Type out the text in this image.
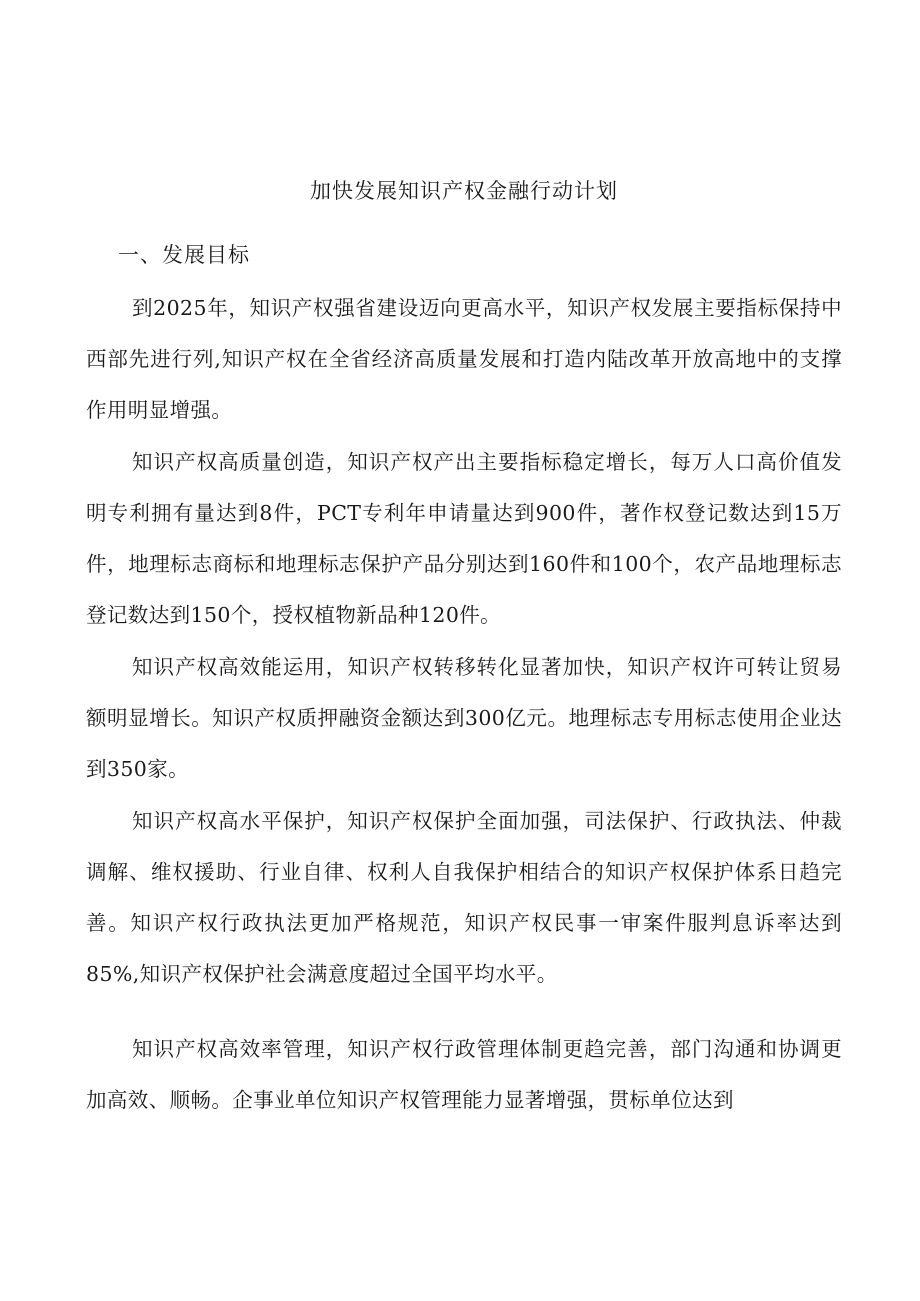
加快发展知识产权金融行动计划
一、发展目标

到2025年，知识产权强省建设迈向更高水平，知识产权发展主要指标保持中西部先进行列,知识产权在全省经济高质量发展和打造内陆改革开放高地中的支撑作用明显增强。

知识产权高质量创造，知识产权产出主要指标稳定增长，每万人口高价值发明专利拥有量达到8件，PCT专利年申请量达到900件，著作权登记数达到15万件，地理标志商标和地理标志保护产品分别达到160件和100个，农产品地理标志登记数达到150个，授权植物新品种120件。

知识产权高效能运用，知识产权转移转化显著加快，知识产权许可转让贸易额明显增长。知识产权质押融资金额达到300亿元。地理标志专用标志使用企业达到350家。

知识产权高水平保护，知识产权保护全面加强，司法保护、行政执法、仲裁调解、维权援助、行业自律、权利人自我保护相结合的知识产权保护体系日趋完善。知识产权行政执法更加严格规范，知识产权民事一审案件服判息诉率达到85%,知识产权保护社会满意度超过全国平均水平。

知识产权高效率管理，知识产权行政管理体制更趋完善，部门沟通和协调更加高效、顺畅。企事业单位知识产权管理能力显著增强，贯标单位达到
